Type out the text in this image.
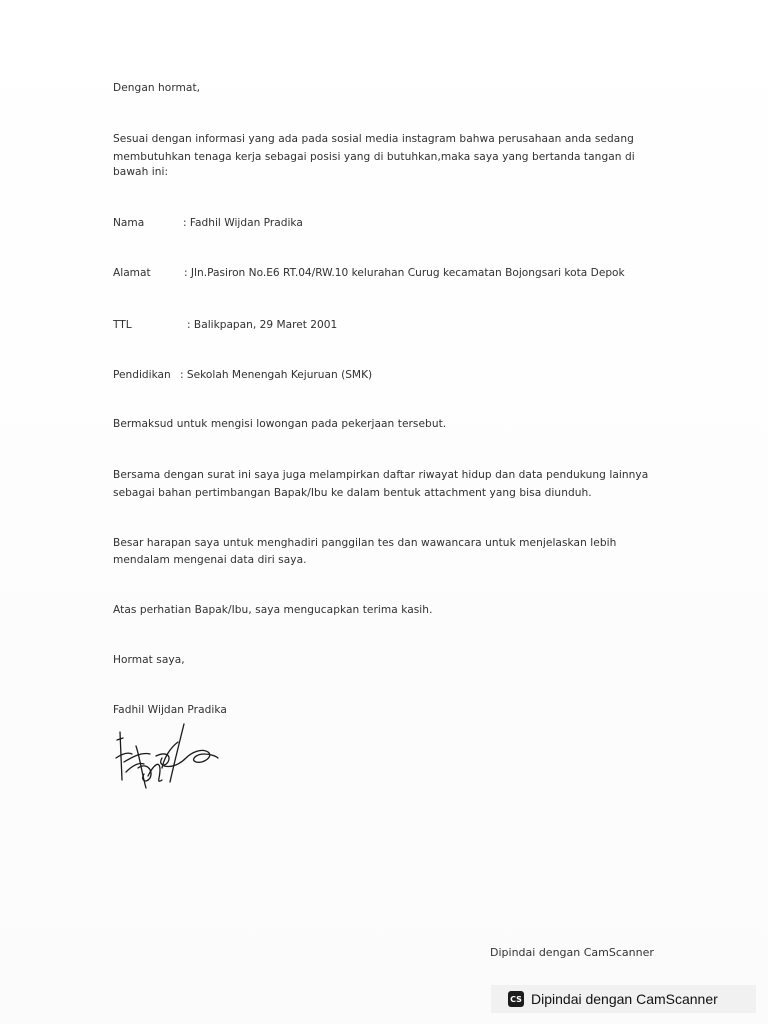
Dengan hormat,
Sesuai dengan informasi yang ada pada sosial media instagram bahwa perusahaan anda sedang
membutuhkan tenaga kerja sebagai posisi yang di butuhkan,maka saya yang bertanda tangan di
bawah ini:
Nama	: Fadhil Wijdan Pradika
Alamat	: Jln.Pasiron No.E6 RT.04/RW.10 kelurahan Curug kecamatan Bojongsari kota Depok
TTL	: Balikpapan, 29 Maret 2001
Pendidikan : Sekolah Menengah Kejuruan (SMK)
Bermaksud untuk mengisi lowongan pada pekerjaan tersebut.
Bersama dengan surat ini saya juga melampirkan daftar riwayat hidup dan data pendukung lainnya
sebagai bahan pertimbangan Bapak/Ibu ke dalam bentuk attachment yang bisa diunduh.
Besar harapan saya untuk menghadiri panggilan tes dan wawancara untuk menjelaskan lebih
mendalam mengenai data diri saya.
Atas perhatian Bapak/Ibu, saya mengucapkan terima kasih.
Hormat saya,
Fadhil Wijdan Pradika
Dipindai dengan CamScanner
CS Dipindai dengan CamScanner
